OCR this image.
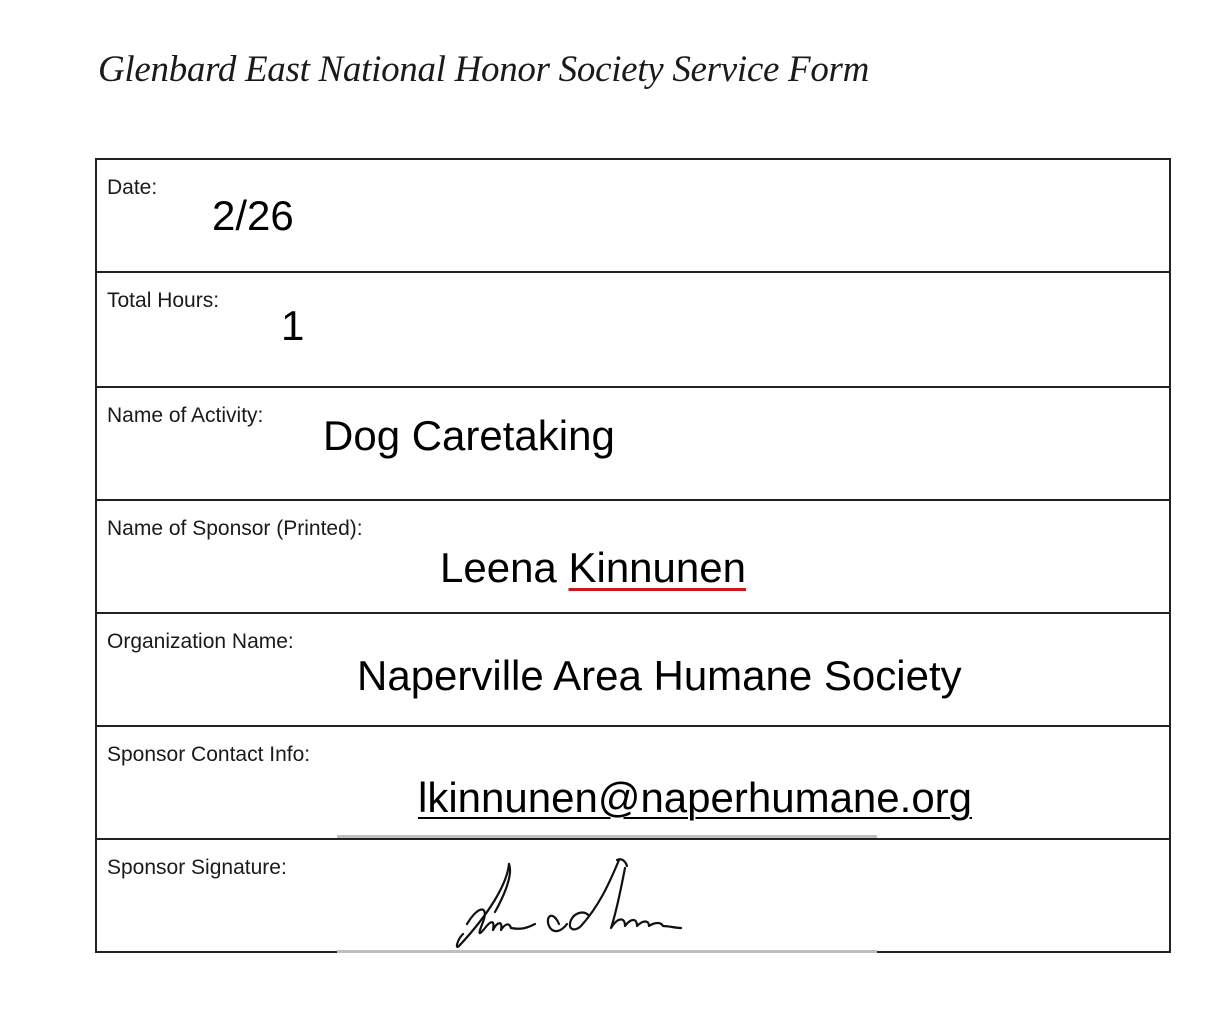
Glenbard East National Honor Society Service Form
Date:
2/26
Total Hours:
1
Name of Activity: Dog Caretaking
Name of Sponsor (Printed):
Leena Kinnunen
Organization Name:
Naperville Area Humane Society
Sponsor Contact Info:
lkinnunen@naperhumane.org
Sponsor Signature:
